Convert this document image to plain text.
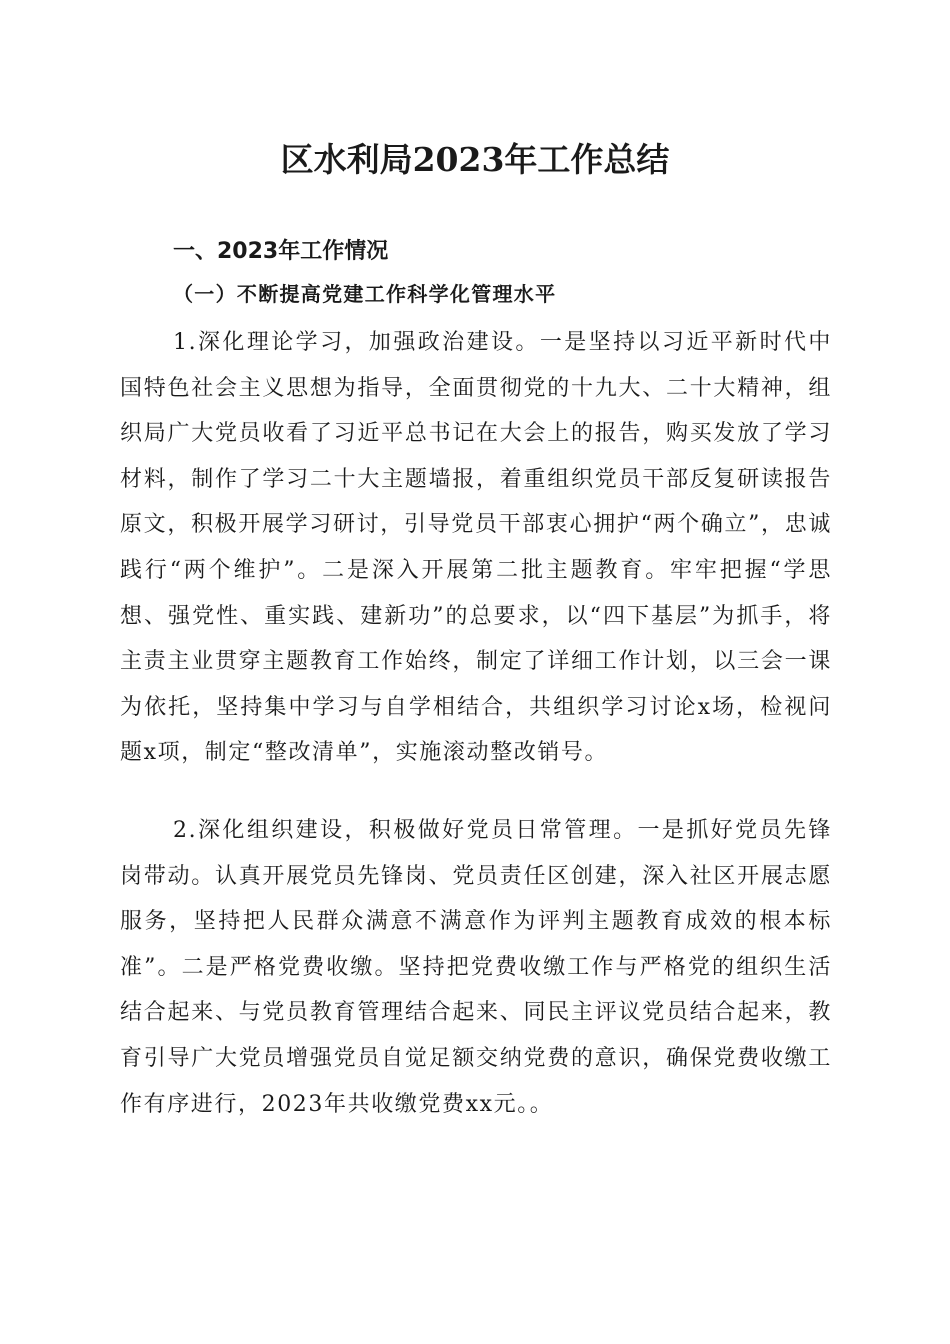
区水利局2023年工作总结
一、2023年工作情况
（一）不断提高党建工作科学化管理水平

1.深化理论学习，加强政治建设。一是坚持以习近平新时代中国特色社会主义思想为指导，全面贯彻党的十九大、二十大精神，组织局广大党员收看了习近平总书记在大会上的报告，购买发放了学习材料，制作了学习二十大主题墙报，着重组织党员干部反复研读报告原文，积极开展学习研讨，引导党员干部衷心拥护“两个确立”，忠诚践行“两个维护”。二是深入开展第二批主题教育。牢牢把握“学思想、强党性、重实践、建新功”的总要求，以“四下基层”为抓手，将主责主业贯穿主题教育工作始终，制定了详细工作计划，以三会一课为依托，坚持集中学习与自学相结合，共组织学习讨论x场，检视问题x项，制定“整改清单”，实施滚动整改销号。

2.深化组织建设，积极做好党员日常管理。一是抓好党员先锋岗带动。认真开展党员先锋岗、党员责任区创建，深入社区开展志愿服务，坚持把人民群众满意不满意作为评判主题教育成效的根本标准”。二是严格党费收缴。坚持把党费收缴工作与严格党的组织生活结合起来、与党员教育管理结合起来、同民主评议党员结合起来，教育引导广大党员增强党员自觉足额交纳党费的意识，确保党费收缴工作有序进行，2023年共收缴党费xx元。。
